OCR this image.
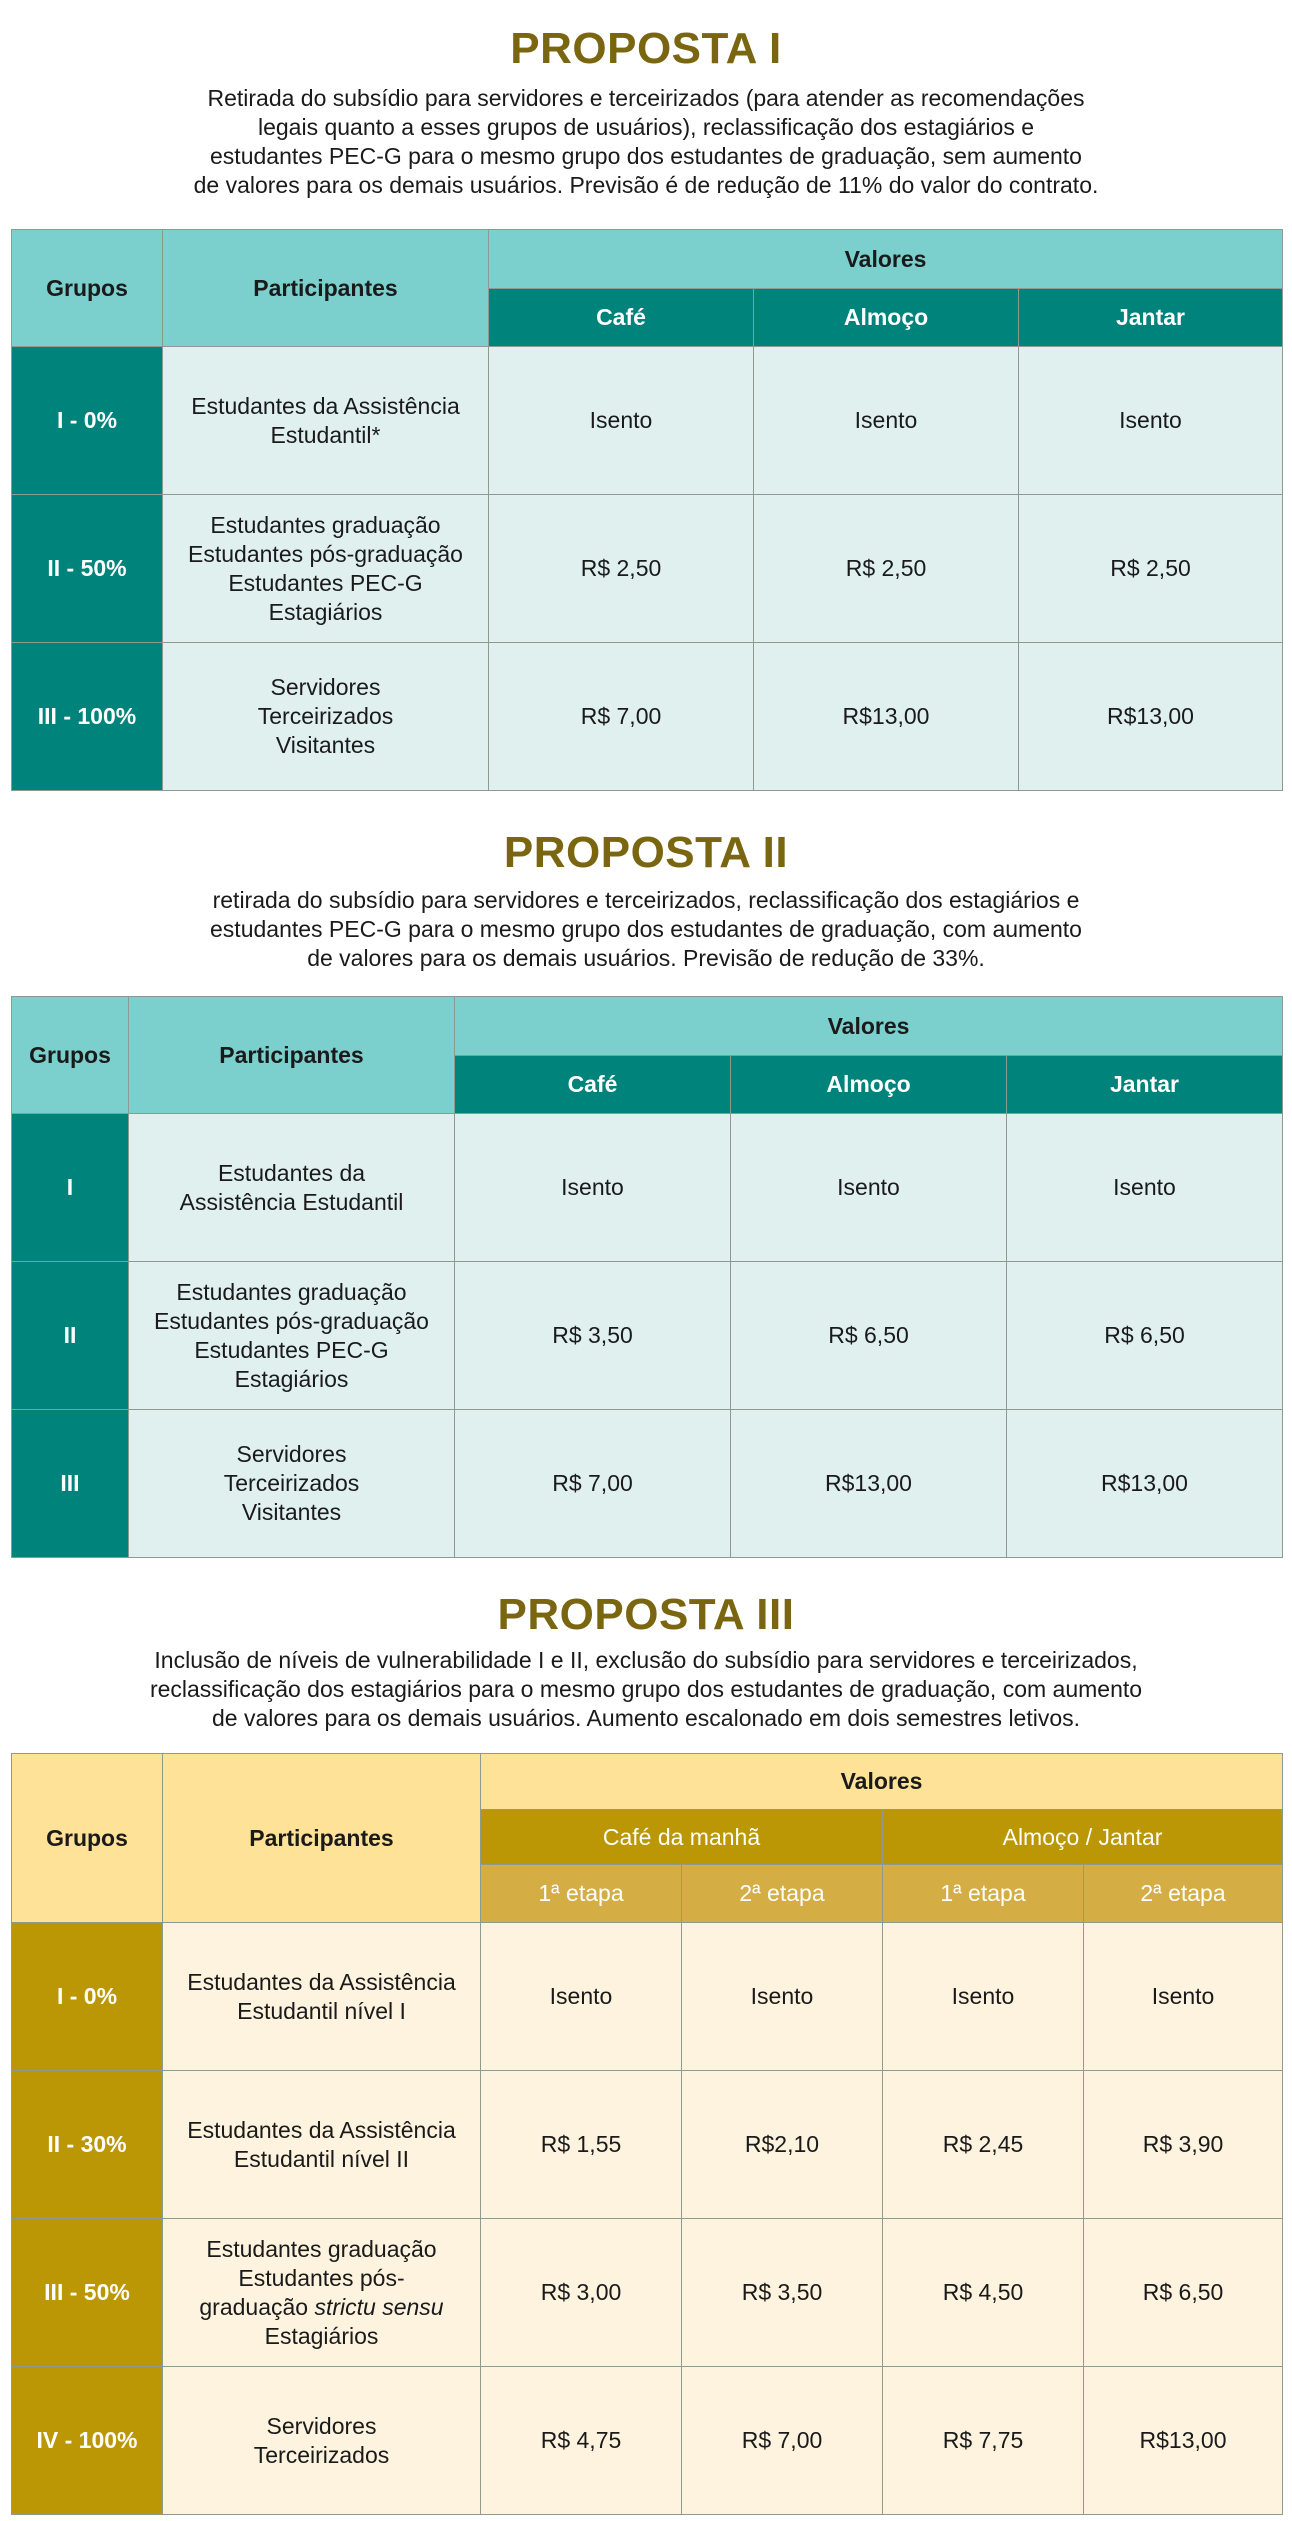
PROPOSTA I
Retirada do subsídio para servidores e terceirizados (para atender as recomendações
legais quanto a esses grupos de usuários), reclassificação dos estagiários e
estudantes PEC-G para o mesmo grupo dos estudantes de graduação, sem aumento
de valores para os demais usuários. Previsão é de redução de 11% do valor do contrato.
Grupos	Participantes	Valores		
		Café	Almoço	Jantar
I - 0%	Estudantes da Assistência
Estudantil*	Isento	Isento	Isento
II - 50%	Estudantes graduação
Estudantes pós-graduação
Estudantes PEC-G
Estagiários	R$ 2,50	R$ 2,50	R$ 2,50
III - 100%	Servidores
Terceirizados
Visitantes	R$ 7,00	R$13,00	R$13,00
PROPOSTA II
retirada do subsídio para servidores e terceirizados, reclassificação dos estagiários e
estudantes PEC-G para o mesmo grupo dos estudantes de graduação, com aumento
de valores para os demais usuários. Previsão de redução de 33%.
Grupos	Participantes	Valores		
		Café	Almoço	Jantar
I	Estudantes da
Assistência Estudantil	Isento	Isento	Isento
II	Estudantes graduação
Estudantes pós-graduação
Estudantes PEC-G
Estagiários	R$ 3,50	R$ 6,50	R$ 6,50
III	Servidores
Terceirizados
Visitantes	R$ 7,00	R$13,00	R$13,00
PROPOSTA III
Inclusão de níveis de vulnerabilidade I e II, exclusão do subsídio para servidores e terceirizados,
reclassificação dos estagiários para o mesmo grupo dos estudantes de graduação, com aumento
de valores para os demais usuários. Aumento escalonado em dois semestres letivos.
Grupos	Participantes	Valores			
		Café da manhã		Almoço / Jantar	
		1ª etapa	2ª etapa	1ª etapa	2ª etapa
I - 0%	Estudantes da Assistência
Estudantil nível I	Isento	Isento	Isento	Isento
II - 30%	Estudantes da Assistência
Estudantil nível II	R$ 1,55	R$2,10	R$ 2,45	R$ 3,90
III - 50%	Estudantes graduação
Estudantes pós-
graduação strictu sensu
Estagiários	R$ 3,00	R$ 3,50	R$ 4,50	R$ 6,50
IV - 100%	Servidores
Terceirizados	R$ 4,75	R$ 7,00	R$ 7,75	R$13,00
